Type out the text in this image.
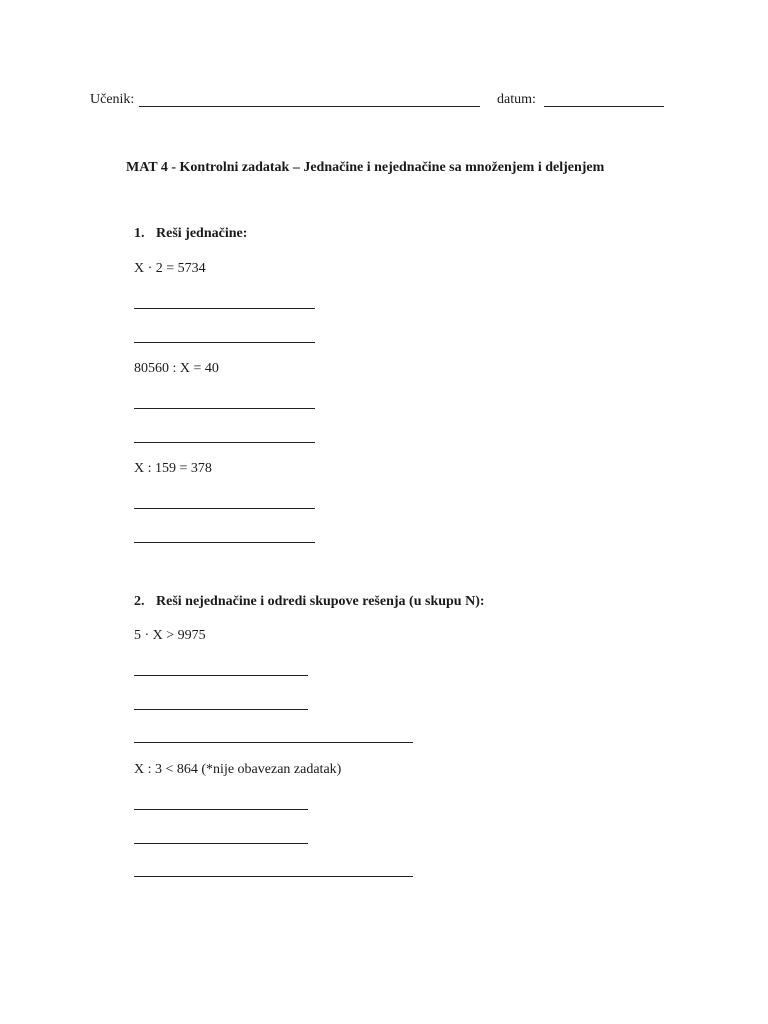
Učenik:	datum:
MAT 4 - Kontrolni zadatak – Jednačine i nejednačine sa množenjem i deljenjem
1. Reši jednačine:
X · 2 = 5734
80560 : X = 40
X : 159 = 378
2. Reši nejednačine i odredi skupove rešenja (u skupu N):
5 · X > 9975
X : 3 < 864 (*nije obavezan zadatak)
